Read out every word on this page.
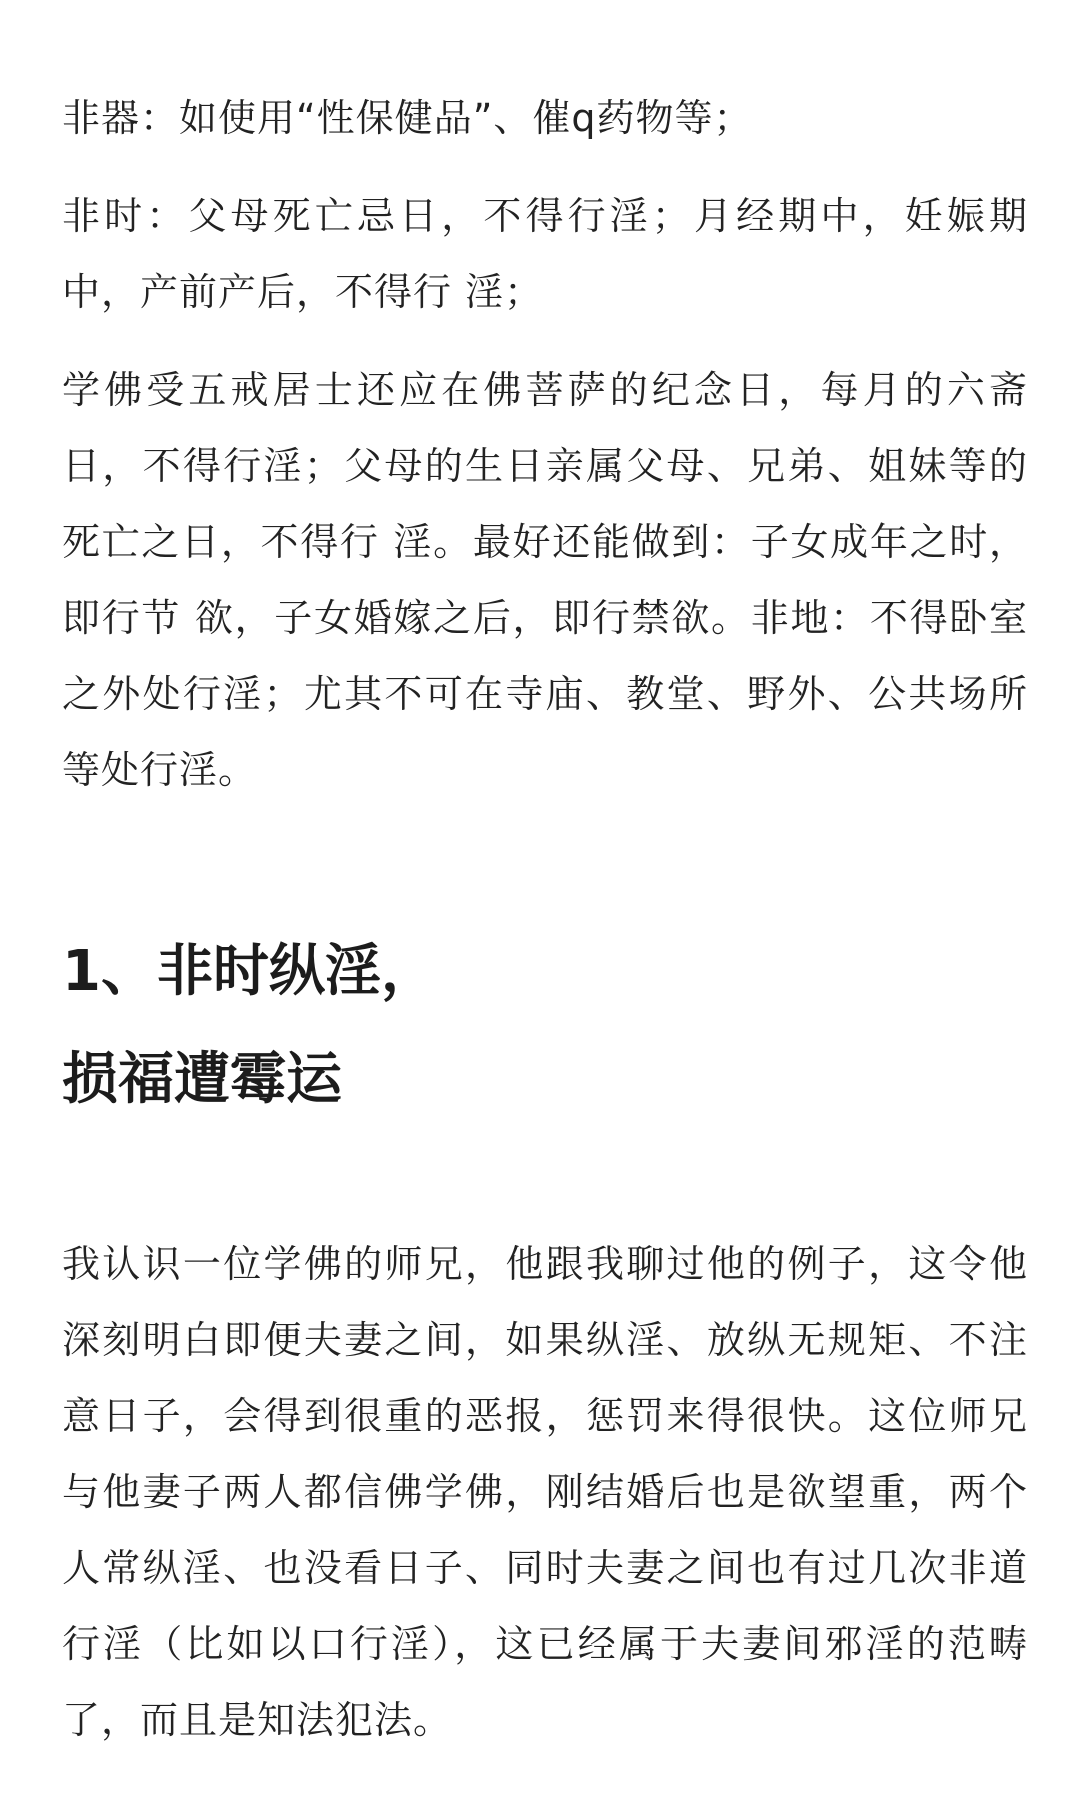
非器：如使用“性保健品”、催q药物等；

非时：父母死亡忌日，不得行淫；月经期中，妊娠期中，产前产后，不得行 淫；

学佛受五戒居士还应在佛菩萨的纪念日，每月的六斋日，不得行淫；父母的生日亲属父母、兄弟、姐妹等的死亡之日，不得行 淫。最好还能做到：子女成年之时，即行节 欲，子女婚嫁之后，即行禁欲。非地：不得卧室之外处行淫；尤其不可在寺庙、教堂、野外、公共场所等处行淫。

1、非时纵淫，
损福遭霉运

我认识一位学佛的师兄，他跟我聊过他的例子，这令他深刻明白即便夫妻之间，如果纵淫、放纵无规矩、不注意日子，会得到很重的恶报，惩罚来得很快。这位师兄与他妻子两人都信佛学佛，刚结婚后也是欲望重，两个人常纵淫、也没看日子、同时夫妻之间也有过几次非道行淫（比如以口行淫），这已经属于夫妻间邪淫的范畴了，而且是知法犯法。
